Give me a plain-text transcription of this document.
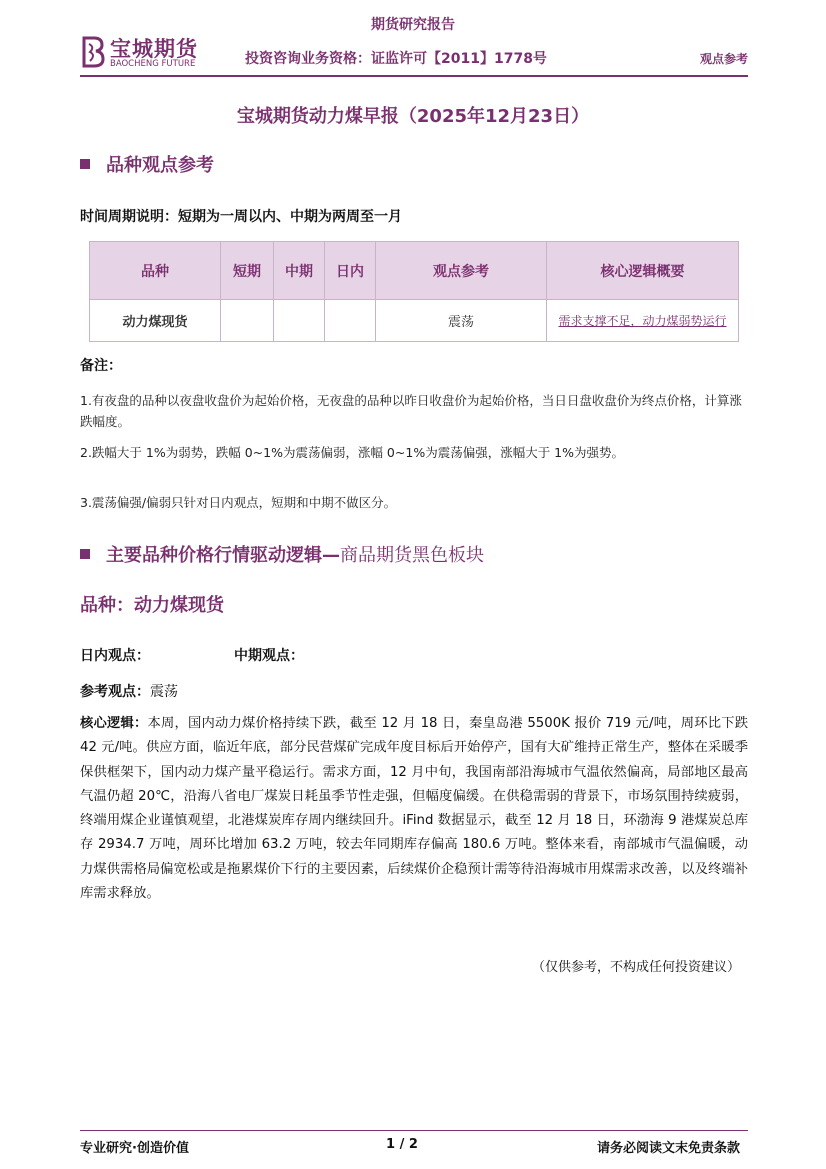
期货研究报告
宝城期货
BAOCHENG FUTURE	投资咨询业务资格：证监许可【2011】1778号	观点参考
宝城期货动力煤早报（2025年12月23日）
品种观点参考
时间周期说明：短期为一周以内、中期为两周至一月
品种	短期	中期	日内	观点参考	核心逻辑概要
动力煤现货				震荡	需求支撑不足，动力煤弱势运行
备注：
1.有夜盘的品种以夜盘收盘价为起始价格，无夜盘的品种以昨日收盘价为起始价格，当日日盘收盘价为终点价格，计算涨跌幅度。
2.跌幅大于 1%为弱势，跌幅 0~1%为震荡偏弱，涨幅 0~1%为震荡偏强，涨幅大于 1%为强势。
3.震荡偏强/偏弱只针对日内观点，短期和中期不做区分。
主要品种价格行情驱动逻辑—商品期货黑色板块
品种：动力煤现货
日内观点：	中期观点：
参考观点：震荡
核心逻辑：本周，国内动力煤价格持续下跌，截至 12 月 18 日，秦皇岛港 5500K 报价 719 元/吨，周环比下跌 42 元/吨。供应方面，临近年底，部分民营煤矿完成年度目标后开始停产，国有大矿维持正常生产，整体在采暖季保供框架下，国内动力煤产量平稳运行。需求方面，12 月中旬，我国南部沿海城市气温依然偏高，局部地区最高气温仍超 20℃，沿海八省电厂煤炭日耗虽季节性走强，但幅度偏缓。在供稳需弱的背景下，市场氛围持续疲弱，终端用煤企业谨慎观望，北港煤炭库存周内继续回升。iFind 数据显示，截至 12 月 18 日，环渤海 9 港煤炭总库存 2934.7 万吨，周环比增加 63.2 万吨，较去年同期库存偏高 180.6 万吨。整体来看，南部城市气温偏暖，动力煤供需格局偏宽松或是拖累煤价下行的主要因素，后续煤价企稳预计需等待沿海城市用煤需求改善，以及终端补库需求释放。
（仅供参考，不构成任何投资建议）
专业研究·创造价值	1 / 2	请务必阅读文末免责条款
